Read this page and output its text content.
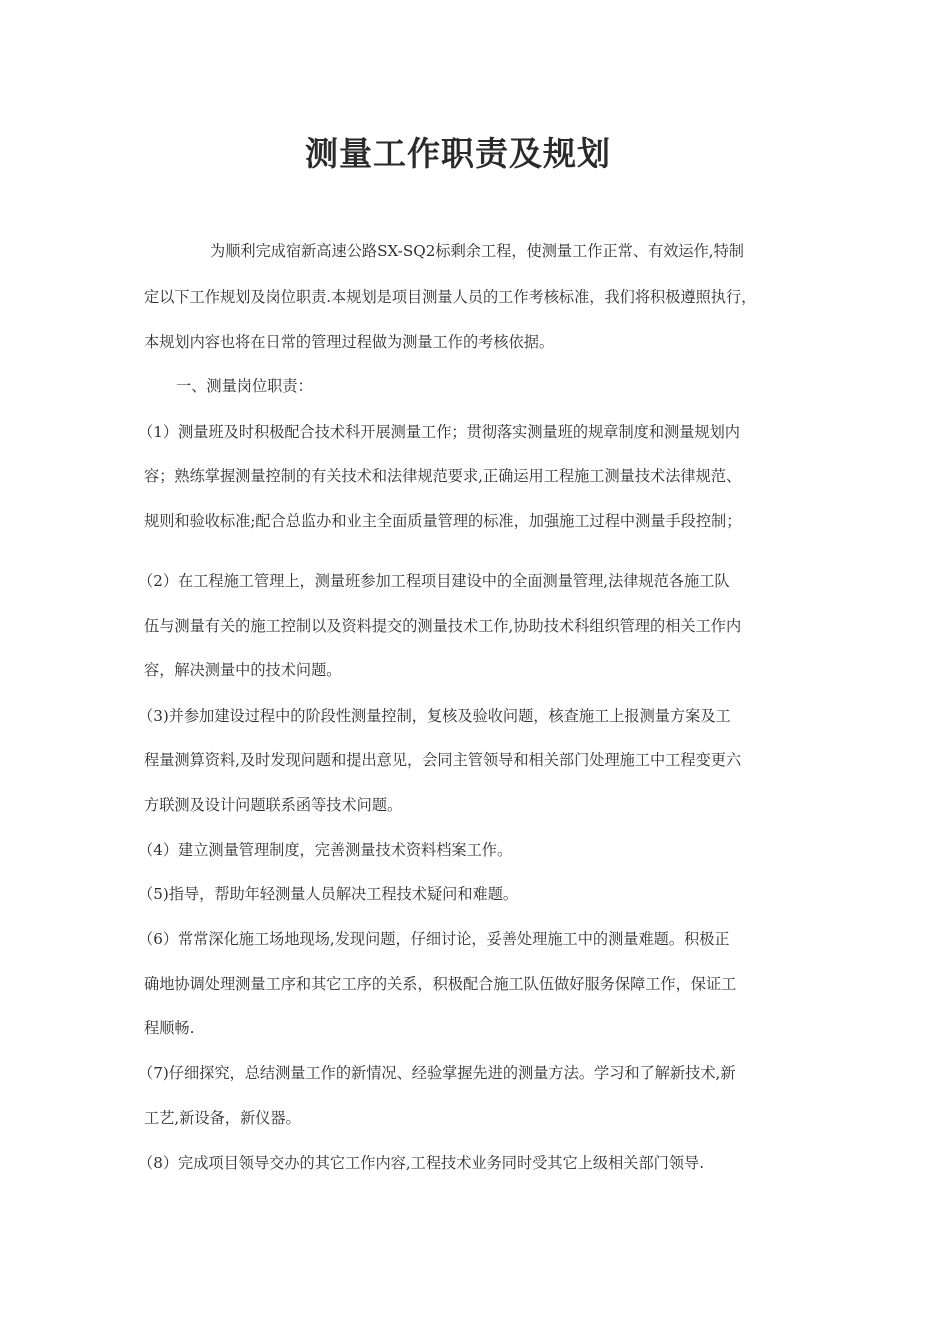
测量工作职责及规划
为顺利完成宿新高速公路SX-SQ2标剩余工程，使测量工作正常、有效运作,特制
定以下工作规划及岗位职责.本规划是项目测量人员的工作考核标准，我们将积极遵照执行，
本规划内容也将在日常的管理过程做为测量工作的考核依据。
一、测量岗位职责：
（1）测量班及时积极配合技术科开展测量工作；贯彻落实测量班的规章制度和测量规划内
容；熟练掌握测量控制的有关技术和法律规范要求,正确运用工程施工测量技术法律规范、
规则和验收标准;配合总监办和业主全面质量管理的标准，加强施工过程中测量手段控制；
（2）在工程施工管理上，测量班参加工程项目建设中的全面测量管理,法律规范各施工队
伍与测量有关的施工控制以及资料提交的测量技术工作,协助技术科组织管理的相关工作内
容，解决测量中的技术问题。
（3)并参加建设过程中的阶段性测量控制，复核及验收问题，核查施工上报测量方案及工
程量测算资料,及时发现问题和提出意见，会同主管领导和相关部门处理施工中工程变更六
方联测及设计问题联系函等技术问题。
（4）建立测量管理制度，完善测量技术资料档案工作。
（5)指导，帮助年轻测量人员解决工程技术疑问和难题。
（6）常常深化施工场地现场,发现问题，仔细讨论，妥善处理施工中的测量难题。积极正
确地协调处理测量工序和其它工序的关系，积极配合施工队伍做好服务保障工作，保证工
程顺畅.
（7)仔细探究，总结测量工作的新情况、经验掌握先进的测量方法。学习和了解新技术,新
工艺,新设备，新仪器。
（8）完成项目领导交办的其它工作内容,工程技术业务同时受其它上级相关部门领导.
